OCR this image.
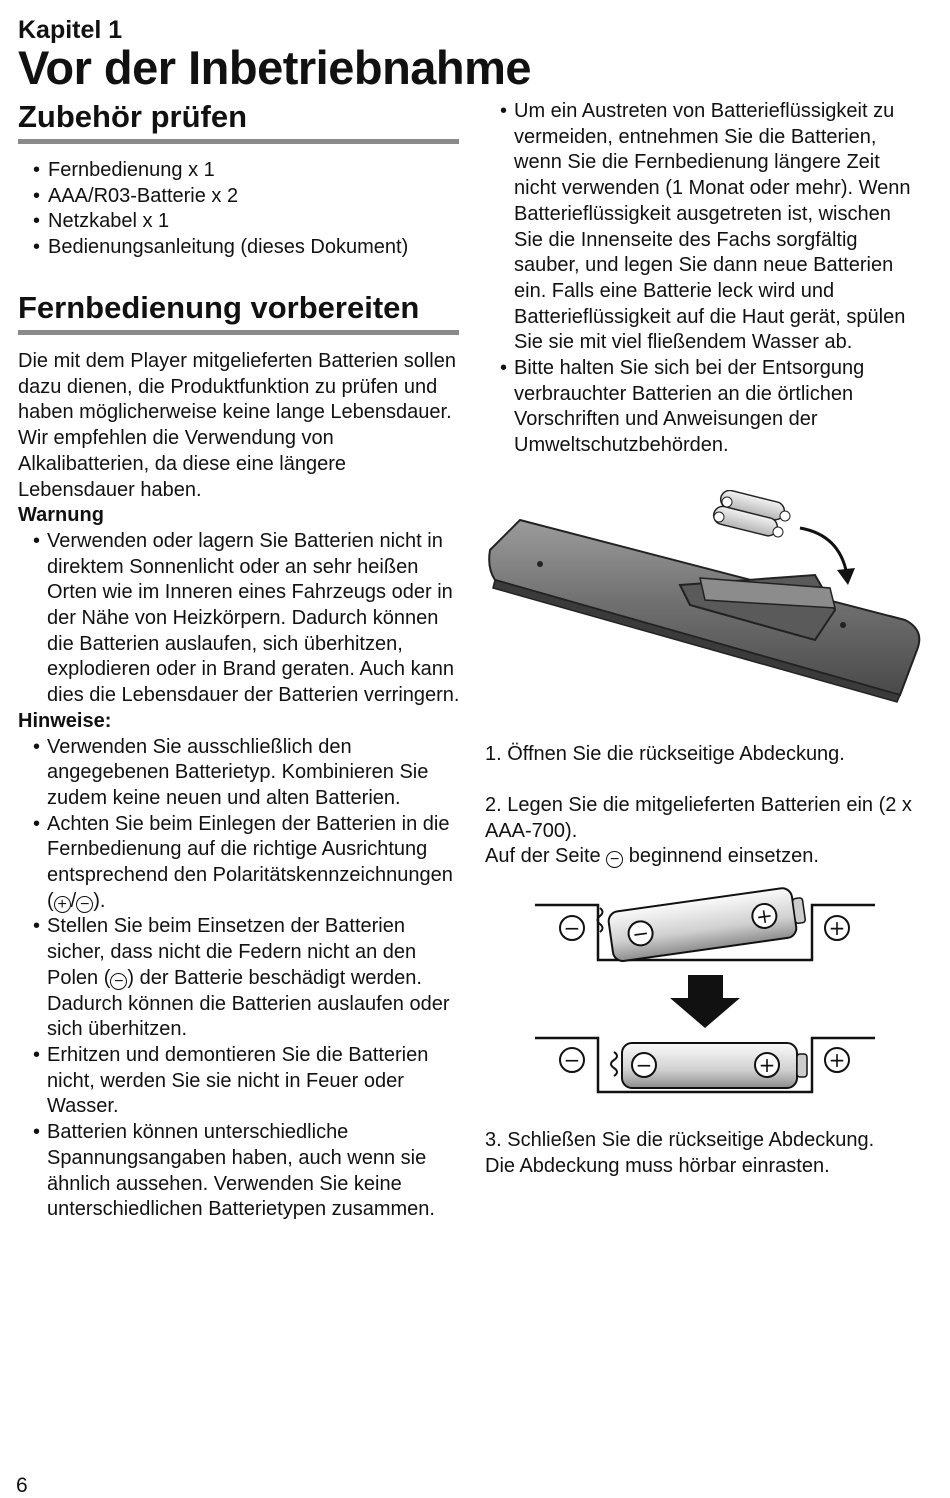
Kapitel 1
Vor der Inbetriebnahme
Zubehör prüfen
• Fernbedienung x 1
• AAA/R03-Batterie x 2
• Netzkabel x 1
• Bedienungsanleitung (dieses Dokument)
Fernbedienung vorbereiten
Die mit dem Player mitgelieferten Batterien sollen dazu dienen, die Produktfunktion zu prüfen und haben möglicherweise keine lange Lebensdauer. Wir empfehlen die Verwendung von Alkalibatterien, da diese eine längere Lebensdauer haben.
Warnung
• Verwenden oder lagern Sie Batterien nicht in direktem Sonnenlicht oder an sehr heißen Orten wie im Inneren eines Fahrzeugs oder in der Nähe von Heizkörpern. Dadurch können die Batterien auslaufen, sich überhitzen, explodieren oder in Brand geraten. Auch kann dies die Lebensdauer der Batterien verringern.
Hinweise:
• Verwenden Sie ausschließlich den angegebenen Batterietyp. Kombinieren Sie zudem keine neuen und alten Batterien.
• Achten Sie beim Einlegen der Batterien in die Fernbedienung auf die richtige Ausrichtung entsprechend den Polaritätskennzeichnungen ( + / − ).
• Stellen Sie beim Einsetzen der Batterien sicher, dass nicht die Federn nicht an den Polen ( − ) der Batterie beschädigt werden. Dadurch können die Batterien auslaufen oder sich überhitzen.
• Erhitzen und demontieren Sie die Batterien nicht, werden Sie sie nicht in Feuer oder Wasser.
• Batterien können unterschiedliche Spannungsangaben haben, auch wenn sie ähnlich aussehen. Verwenden Sie keine unterschiedlichen Batterietypen zusammen.
• Um ein Austreten von Batterieflüssigkeit zu vermeiden, entnehmen Sie die Batterien, wenn Sie die Fernbedienung längere Zeit nicht verwenden (1 Monat oder mehr). Wenn Batterieflüssigkeit ausgetreten ist, wischen Sie die Innenseite des Fachs sorgfältig sauber, und legen Sie dann neue Batterien ein. Falls eine Batterie leck wird und Batterieflüssigkeit auf die Haut gerät, spülen Sie sie mit viel fließendem Wasser ab.
• Bitte halten Sie sich bei der Entsorgung verbrauchter Batterien an die örtlichen Vorschriften und Anweisungen der Umweltschutzbehörden.
1. Öffnen Sie die rückseitige Abdeckung.
2. Legen Sie die mitgelieferten Batterien ein (2 x AAA-700).
Auf der Seite − beginnend einsetzen.
−	+
−
+
−	+
−	+
3. Schließen Sie die rückseitige Abdeckung.
Die Abdeckung muss hörbar einrasten.
6
